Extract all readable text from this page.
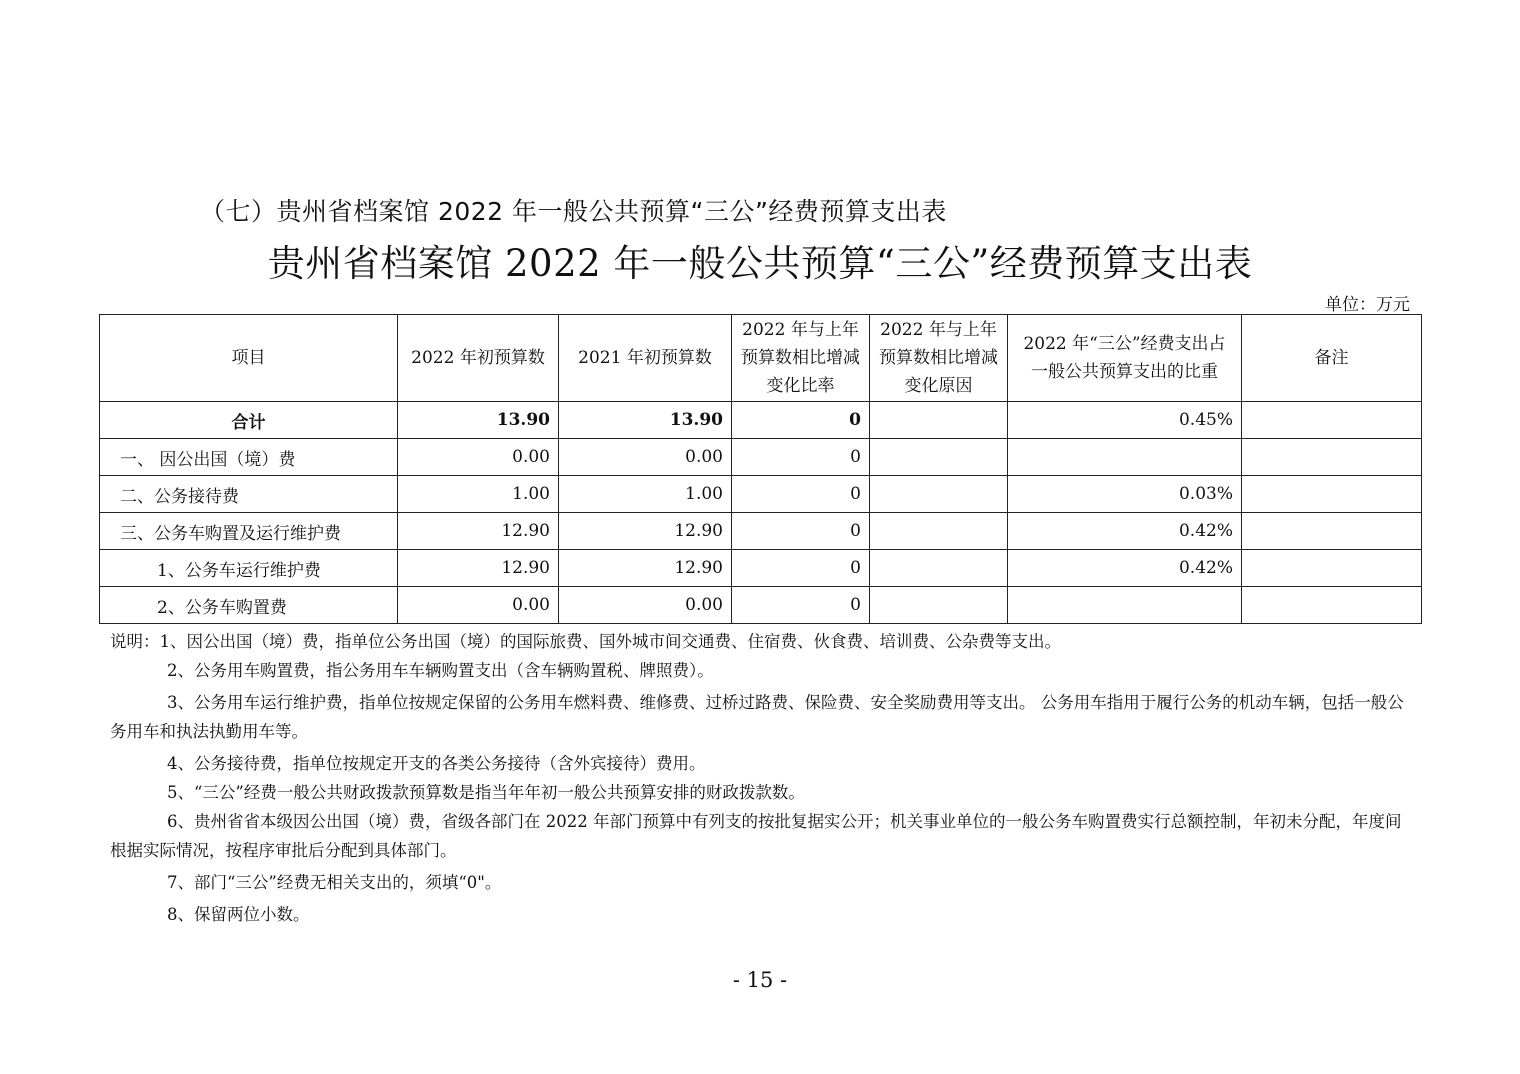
（七）贵州省档案馆 2022 年一般公共预算“三公”经费预算支出表
贵州省档案馆 2022 年一般公共预算“三公”经费预算支出表
单位：万元
项目	2022 年初预算数	2021 年初预算数	2022 年与上年预算数相比增减变化比率	2022 年与上年预算数相比增减变化原因	2022 年“三公”经费支出占一般公共预算支出的比重	备注
合计	13.90	13.90	0		0.45%	
一、 因公出国（境）费	0.00	0.00	0			
二、公务接待费	1.00	1.00	0		0.03%	
三、公务车购置及运行维护费	12.90	12.90	0		0.42%	
1、公务车运行维护费	12.90	12.90	0		0.42%	
2、公务车购置费	0.00	0.00	0			

说明：1、因公出国（境）费，指单位公务出国（境）的国际旅费、国外城市间交通费、住宿费、伙食费、培训费、公杂费等支出。

2、公务用车购置费，指公务用车车辆购置支出（含车辆购置税、牌照费）。

3、公务用车运行维护费，指单位按规定保留的公务用车燃料费、维修费、过桥过路费、保险费、安全奖励费用等支出。 公务用车指用于履行公务的机动车辆，包括一般公务用车和执法执勤用车等。

4、公务接待费，指单位按规定开支的各类公务接待（含外宾接待）费用。

5、“三公”经费一般公共财政拨款预算数是指当年年初一般公共预算安排的财政拨款数。

6、贵州省省本级因公出国（境）费，省级各部门在 2022 年部门预算中有列支的按批复据实公开；机关事业单位的一般公务车购置费实行总额控制，年初未分配，年度间根据实际情况，按程序审批后分配到具体部门。

7、部门“三公”经费无相关支出的，须填“0"。

8、保留两位小数。

- 15 -
